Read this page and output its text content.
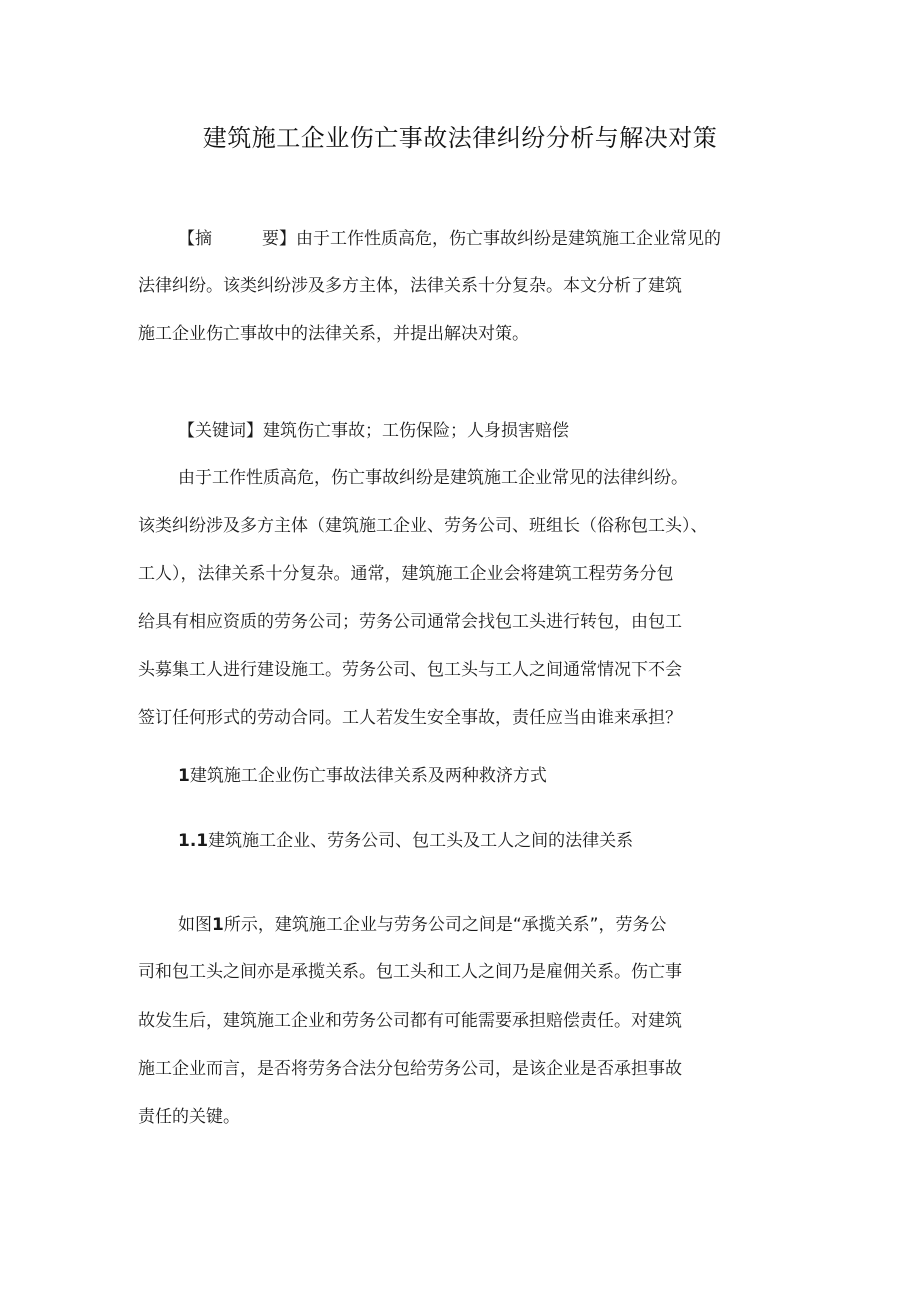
建筑施工企业伤亡事故法律纠纷分析与解决对策
【摘	要】由于工作性质高危，伤亡事故纠纷是建筑施工企业常见的
法律纠纷。该类纠纷涉及多方主体，法律关系十分复杂。本文分析了建筑
施工企业伤亡事故中的法律关系，并提出解决对策。
【关键词】建筑伤亡事故；工伤保险；人身损害赔偿
由于工作性质高危，伤亡事故纠纷是建筑施工企业常见的法律纠纷。
该类纠纷涉及多方主体（建筑施工企业、劳务公司、班组长（俗称包工头）、
工人），法律关系十分复杂。通常，建筑施工企业会将建筑工程劳务分包
给具有相应资质的劳务公司；劳务公司通常会找包工头进行转包，由包工
头募集工人进行建设施工。劳务公司、包工头与工人之间通常情况下不会
签订任何形式的劳动合同。工人若发生安全事故，责任应当由谁来承担？
1建筑施工企业伤亡事故法律关系及两种救济方式
1.1建筑施工企业、劳务公司、包工头及工人之间的法律关系
如图1所示，建筑施工企业与劳务公司之间是“承揽关系”，劳务公
司和包工头之间亦是承揽关系。包工头和工人之间乃是雇佣关系。伤亡事
故发生后，建筑施工企业和劳务公司都有可能需要承担赔偿责任。对建筑
施工企业而言，是否将劳务合法分包给劳务公司，是该企业是否承担事故
责任的关键。
